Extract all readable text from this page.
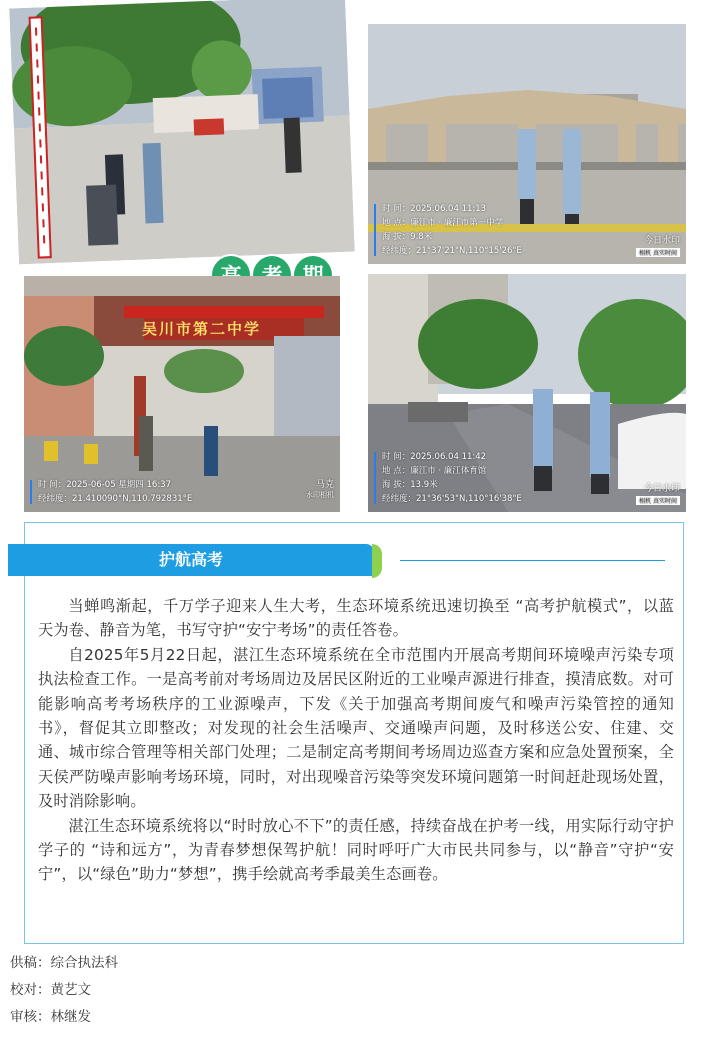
时 间：2025.06.04 11:13
地 点：廉江市 · 廉江市第一中学
海 拔：9.8米
经纬度：21°37'21"N,110°15'26"E
今日水印
相机 真实时间
吴川市第二中学
时 间：2025-06-05 星期四 16:37
经纬度：21.410090°N,110.792831°E
马克
水印相机
时 间：2025.06.04 11:42
地 点：廉江市 · 廉江体育馆
海 拔：13.9米
经纬度：21°36'53"N,110°16'38"E
今日水印
相机 真实时间
护航高考

当蝉鸣渐起，千万学子迎来人生大考，生态环境系统迅速切换至 “高考护航模式”，以蓝天为卷、静音为笔，书写守护“安宁考场”的责任答卷。

自2025年5月22日起，湛江生态环境系统在全市范围内开展高考期间环境噪声污染专项执法检查工作。一是高考前对考场周边及居民区附近的工业噪声源进行排查，摸清底数。对可能影响高考考场秩序的工业源噪声，下发《关于加强高考期间废气和噪声污染管控的通知书》，督促其立即整改；对发现的社会生活噪声、交通噪声问题，及时移送公安、住建、交通、城市综合管理等相关部门处理；二是制定高考期间考场周边巡查方案和应急处置预案，全天侯严防噪声影响考场环境，同时，对出现噪音污染等突发环境问题第一时间赶赴现场处置，及时消除影响。

湛江生态环境系统将以“时时放心不下”的责任感，持续奋战在护考一线，用实际行动守护学子的 “诗和远方”，为青春梦想保驾护航！同时呼吁广大市民共同参与，以“静音”守护“安宁”，以“绿色”助力“梦想”，携手绘就高考季最美生态画卷。

供稿：综合执法科
校对：黄艺文
审核：林继发
